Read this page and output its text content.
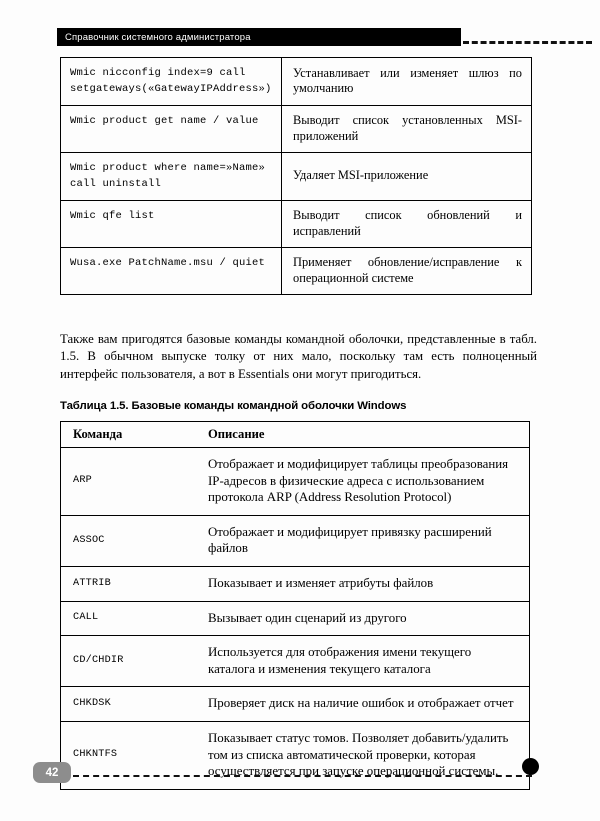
Справочник системного администратора
Wmic nicconfig index=9 call setgateways(«GatewayIPAddress»)	Устанавливает или изменяет шлюз по умолчанию
Wmic product get name / value	Выводит список установленных MSI-приложений
Wmic product where name=»Name» call uninstall	Удаляет MSI-приложение
Wmic qfe list	Выводит список обновлений и исправлений
Wusa.exe PatchName.msu / quiet	Применяет обновление/исправление к операционной системе

Также вам пригодятся базовые команды командной оболочки, представленные в табл. 1.5. В обычном выпуске толку от них мало, поскольку там есть полноценный интерфейс пользователя, а вот в Essentials они могут пригодиться.

Таблица 1.5. Базовые команды командной оболочки Windows
Команда	Описание
ARP	Отображает и модифицирует таблицы преобразования IP-адресов в физические адреса с использованием протокола ARP (Address Resolution Protocol)
ASSOC	Отображает и модифицирует привязку расширений файлов
ATTRIB	Показывает и изменяет атрибуты файлов
CALL	Вызывает один сценарий из другого
CD/CHDIR	Используется для отображения имени текущего каталога и изменения текущего каталога
CHKDSK	Проверяет диск на наличие ошибок и отображает отчет
CHKNTFS	Показывает статус томов. Позволяет добавить/удалить том из списка автоматической проверки, которая осуществляется при запуске операционной системы.
42
